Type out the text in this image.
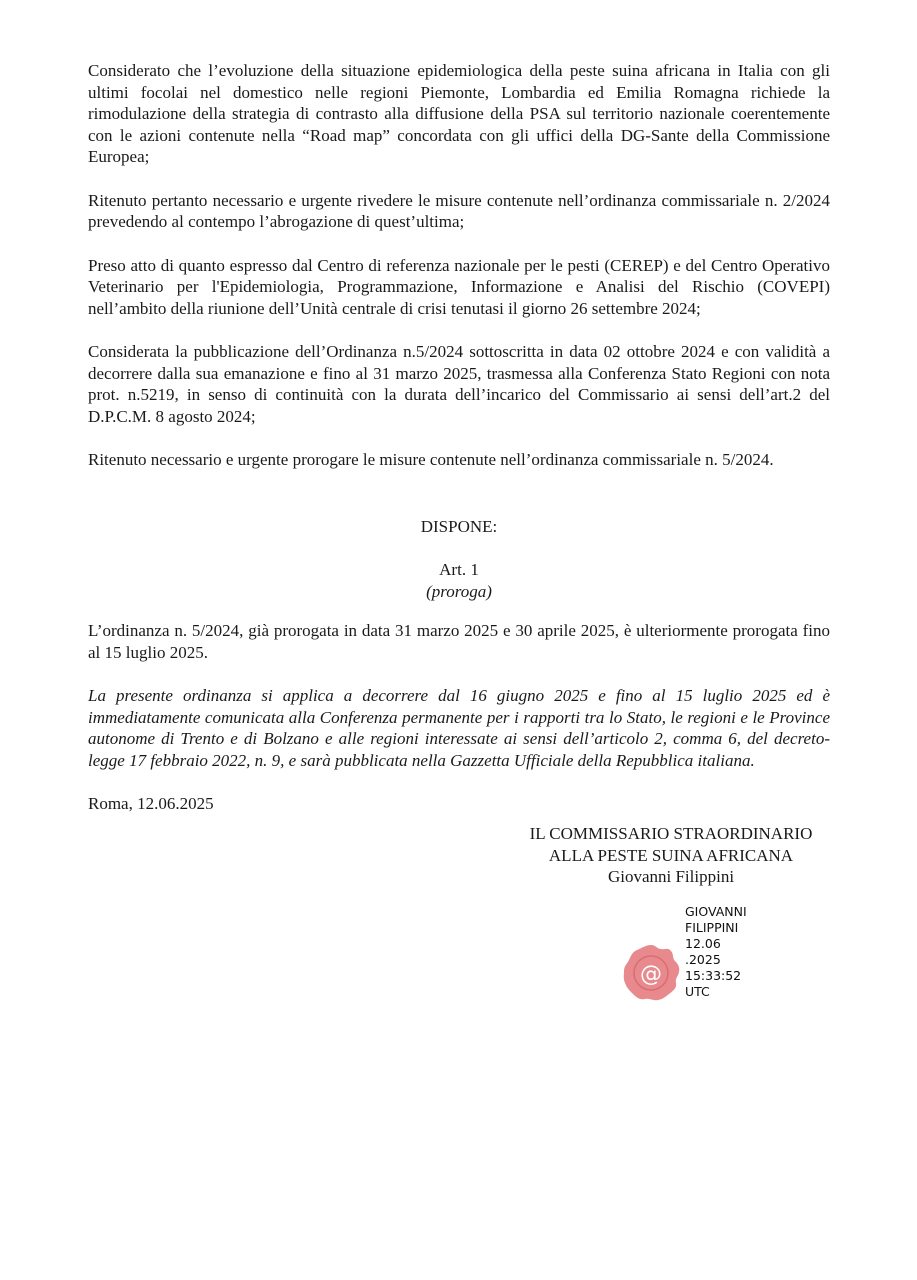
Considerato che l’evoluzione della situazione epidemiologica della peste suina africana in Italia con gli ultimi focolai nel domestico nelle regioni Piemonte, Lombardia ed Emilia Romagna richiede la rimodulazione della strategia di contrasto alla diffusione della PSA sul territorio nazionale coerentemente con le azioni contenute nella “Road map” concordata con gli uffici della DG-Sante della Commissione Europea;

Ritenuto pertanto necessario e urgente rivedere le misure contenute nell’ordinanza commissariale n. 2/2024 prevedendo al contempo l’abrogazione di quest’ultima;

Preso atto di quanto espresso dal Centro di referenza nazionale per le pesti (CEREP) e del Centro Operativo Veterinario per l'Epidemiologia, Programmazione, Informazione e Analisi del Rischio (COVEPI) nell’ambito della riunione dell’Unità centrale di crisi tenutasi il giorno 26 settembre 2024;

Considerata la pubblicazione dell’Ordinanza n.5/2024 sottoscritta in data 02 ottobre 2024 e con validità a decorrere dalla sua emanazione e fino al 31 marzo 2025, trasmessa alla Conferenza Stato Regioni con nota prot. n.5219, in senso di continuità con la durata dell’incarico del Commissario ai sensi dell’art.2 del D.P.C.M. 8 agosto 2024;

Ritenuto necessario e urgente prorogare le misure contenute nell’ordinanza commissariale n. 5/2024.

DISPONE:

Art. 1

(proroga)

L’ordinanza n. 5/2024, già prorogata in data 31 marzo 2025 e 30 aprile 2025, è ulteriormente prorogata fino al 15 luglio 2025.

La presente ordinanza si applica a decorrere dal 16 giugno 2025 e fino al 15 luglio 2025 ed è immediatamente comunicata alla Conferenza permanente per i rapporti tra lo Stato, le regioni e le Province autonome di Trento e di Bolzano e alle regioni interessate ai sensi dell’articolo 2, comma 6, del decreto-legge 17 febbraio 2022, n. 9, e sarà pubblicata nella Gazzetta Ufficiale della Repubblica italiana.

Roma, 12.06.2025

IL COMMISSARIO STRAORDINARIO
ALLA PESTE SUINA AFRICANA
Giovanni Filippini
@
GIOVANNI
FILIPPINI
12.06
.2025
15:33:52
UTC
